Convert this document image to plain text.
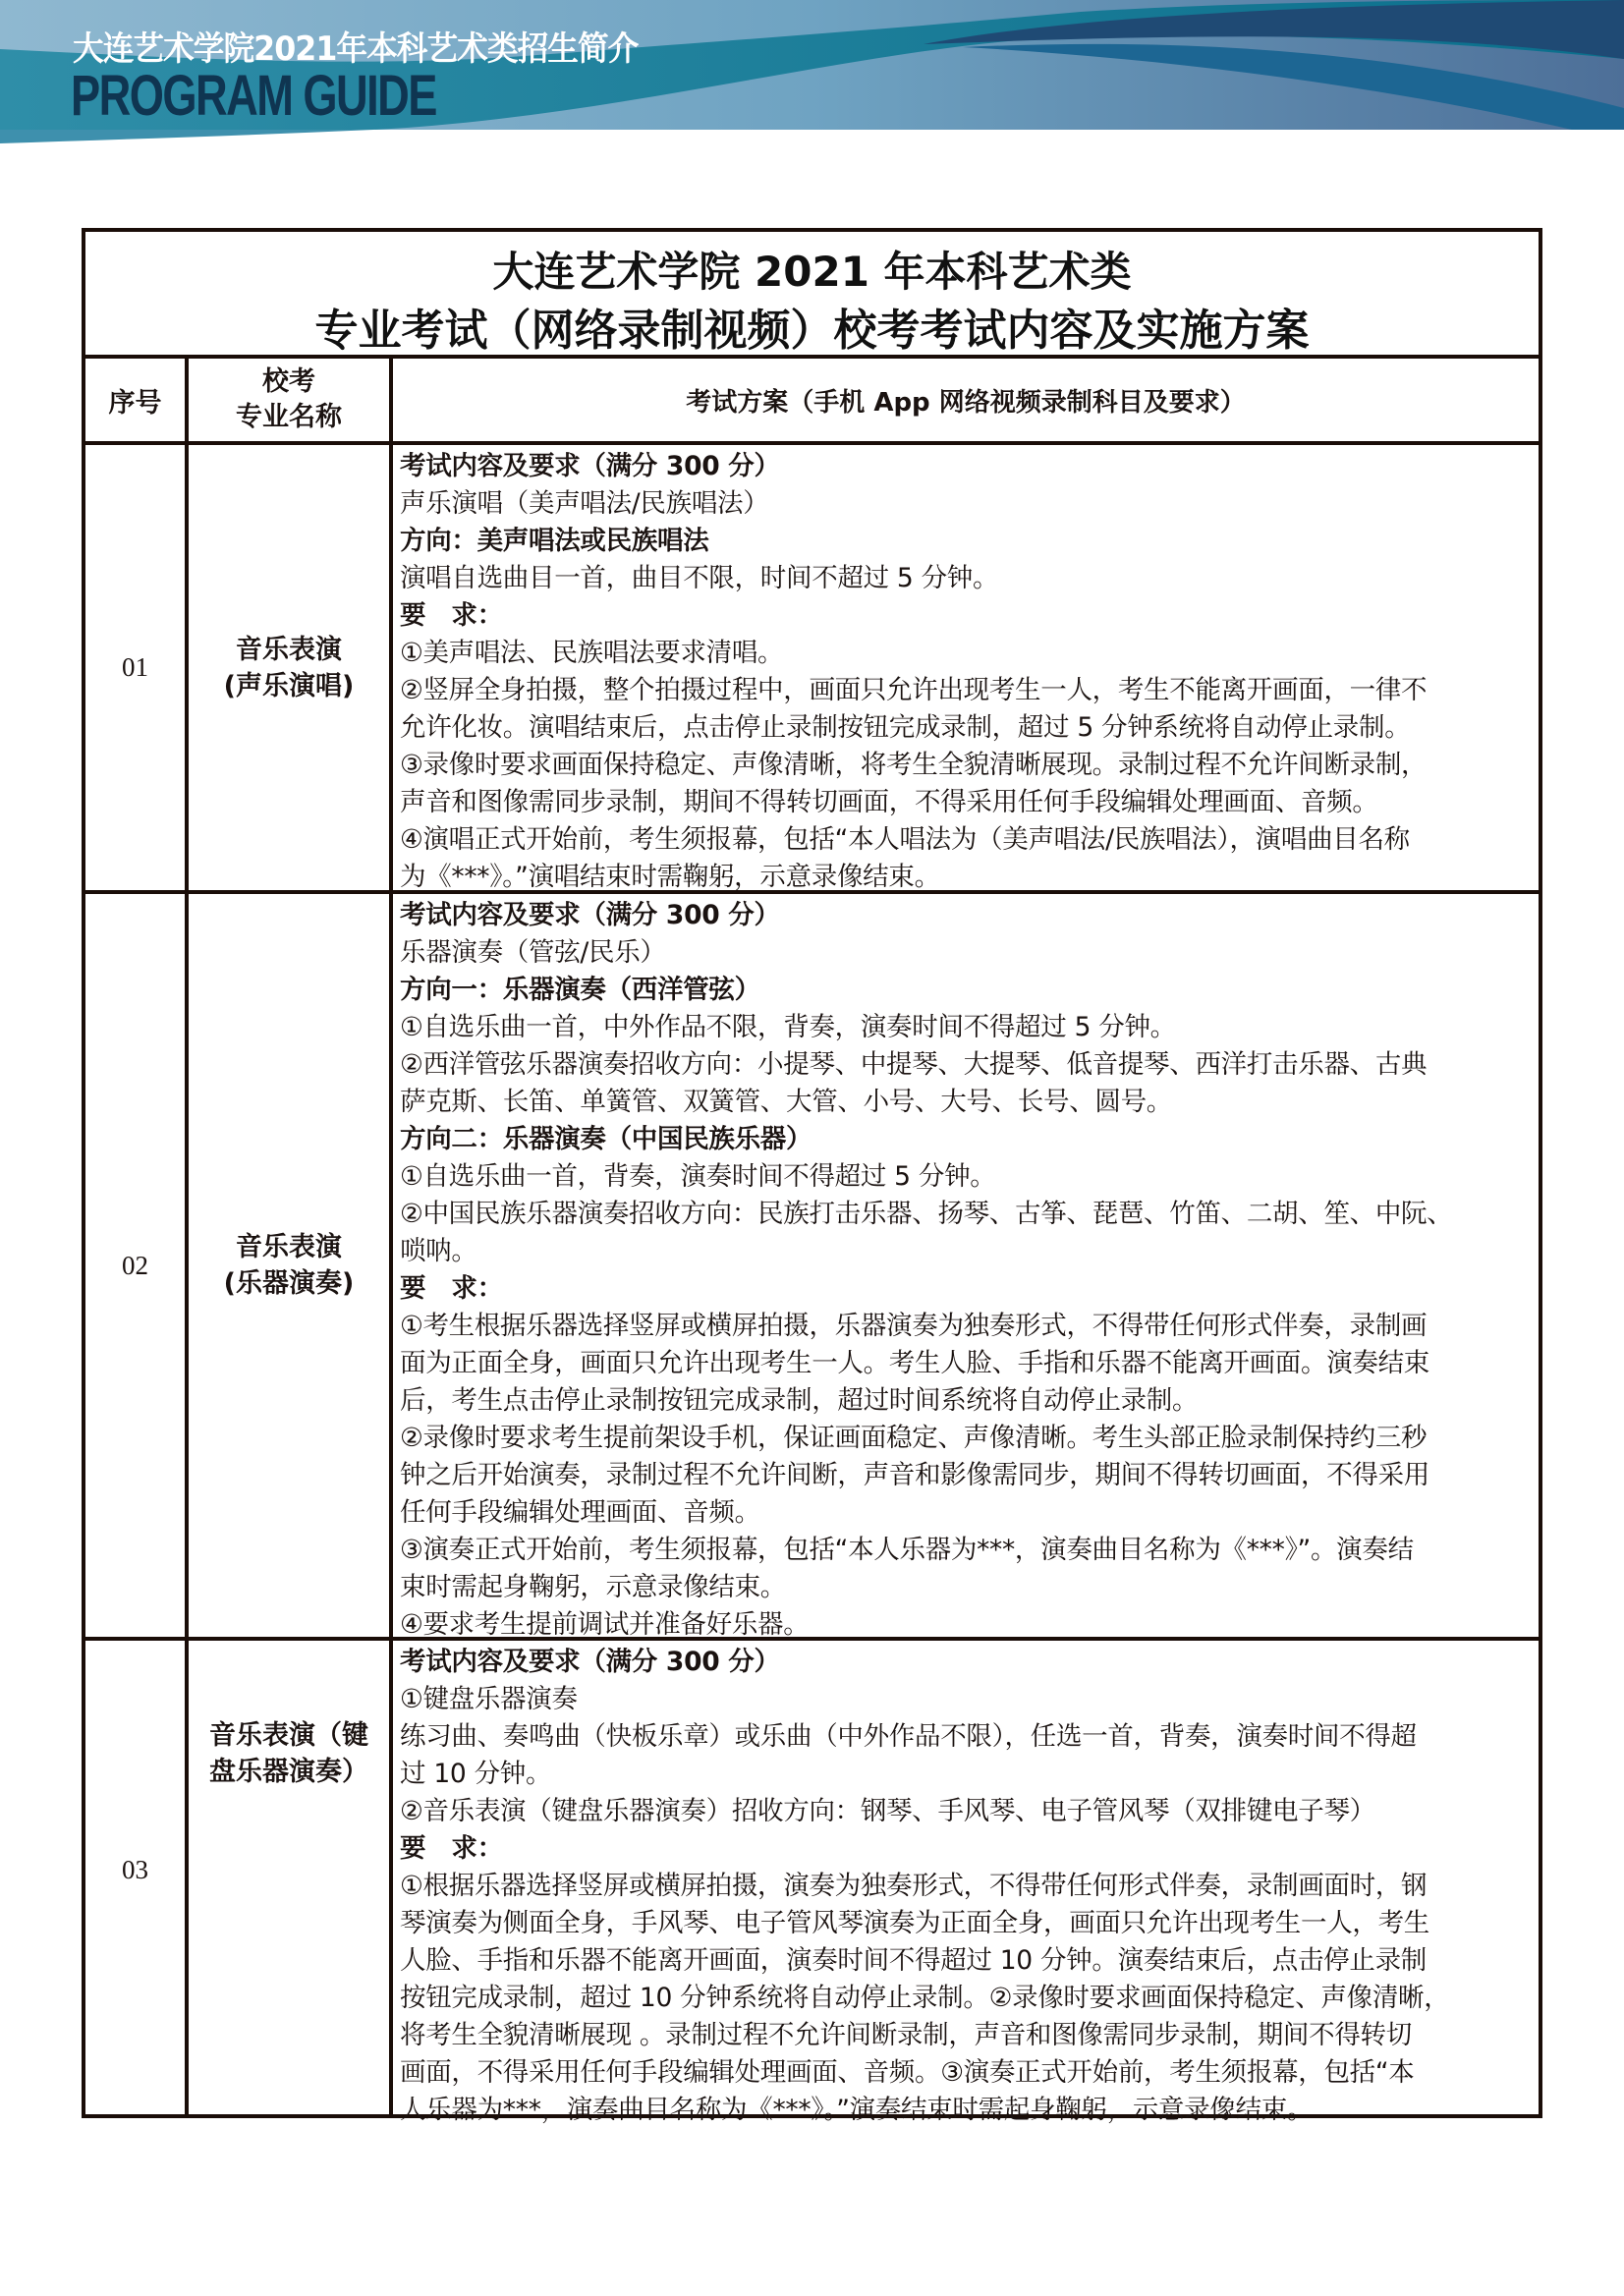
大连艺术学院2021年本科艺术类招生简介
PROGRAM GUIDE
大连艺术学院 2021 年本科艺术类
专业考试（网络录制视频）校考考试内容及实施方案
序号
校考
专业名称	考试方案（手机 App 网络视频录制科目及要求）
01
音乐表演
(声乐演唱)

考试内容及要求（满分 300 分）

声乐演唱（美声唱法/民族唱法）

方向：美声唱法或民族唱法

演唱自选曲目一首，曲目不限，时间不超过 5 分钟。

要　求：

①美声唱法、民族唱法要求清唱。

②竖屏全身拍摄，整个拍摄过程中，画面只允许出现考生一人，考生不能离开画面，一律不

允许化妆。演唱结束后，点击停止录制按钮完成录制，超过 5 分钟系统将自动停止录制。

③录像时要求画面保持稳定、声像清晰，将考生全貌清晰展现。录制过程不允许间断录制，

声音和图像需同步录制，期间不得转切画面，不得采用任何手段编辑处理画面、音频。

④演唱正式开始前，考生须报幕，包括“本人唱法为（美声唱法/民族唱法），演唱曲目名称

为《***》。”演唱结束时需鞠躬，示意录像结束。

02
音乐表演
(乐器演奏)

考试内容及要求（满分 300 分）

乐器演奏（管弦/民乐）

方向一：乐器演奏（西洋管弦）

①自选乐曲一首，中外作品不限，背奏，演奏时间不得超过 5 分钟。

②西洋管弦乐器演奏招收方向：小提琴、中提琴、大提琴、低音提琴、西洋打击乐器、古典

萨克斯、长笛、单簧管、双簧管、大管、小号、大号、长号、圆号。

方向二：乐器演奏（中国民族乐器）

①自选乐曲一首，背奏，演奏时间不得超过 5 分钟。

②中国民族乐器演奏招收方向：民族打击乐器、扬琴、古筝、琵琶、竹笛、二胡、笙、中阮、

唢呐。

要　求：

①考生根据乐器选择竖屏或横屏拍摄，乐器演奏为独奏形式，不得带任何形式伴奏，录制画

面为正面全身，画面只允许出现考生一人。考生人脸、手指和乐器不能离开画面。演奏结束

后，考生点击停止录制按钮完成录制，超过时间系统将自动停止录制。

②录像时要求考生提前架设手机，保证画面稳定、声像清晰。考生头部正脸录制保持约三秒

钟之后开始演奏，录制过程不允许间断，声音和影像需同步，期间不得转切画面，不得采用

任何手段编辑处理画面、音频。

③演奏正式开始前，考生须报幕，包括“本人乐器为***，演奏曲目名称为《***》”。演奏结

束时需起身鞠躬，示意录像结束。

④要求考生提前调试并准备好乐器。

03
音乐表演（键
盘乐器演奏）

考试内容及要求（满分 300 分）

①键盘乐器演奏

练习曲、奏鸣曲（快板乐章）或乐曲（中外作品不限），任选一首，背奏，演奏时间不得超

过 10 分钟。

②音乐表演（键盘乐器演奏）招收方向：钢琴、手风琴、电子管风琴（双排键电子琴）

要　求：

①根据乐器选择竖屏或横屏拍摄，演奏为独奏形式，不得带任何形式伴奏，录制画面时，钢

琴演奏为侧面全身，手风琴、电子管风琴演奏为正面全身，画面只允许出现考生一人，考生

人脸、手指和乐器不能离开画面，演奏时间不得超过 10 分钟。演奏结束后，点击停止录制

按钮完成录制，超过 10 分钟系统将自动停止录制。②录像时要求画面保持稳定、声像清晰，

将考生全貌清晰展现 。录制过程不允许间断录制，声音和图像需同步录制，期间不得转切

画面，不得采用任何手段编辑处理画面、音频。③演奏正式开始前，考生须报幕，包括“本

人乐器为***，演奏曲目名称为《***》。”演奏结束时需起身鞠躬，示意录像结束。
